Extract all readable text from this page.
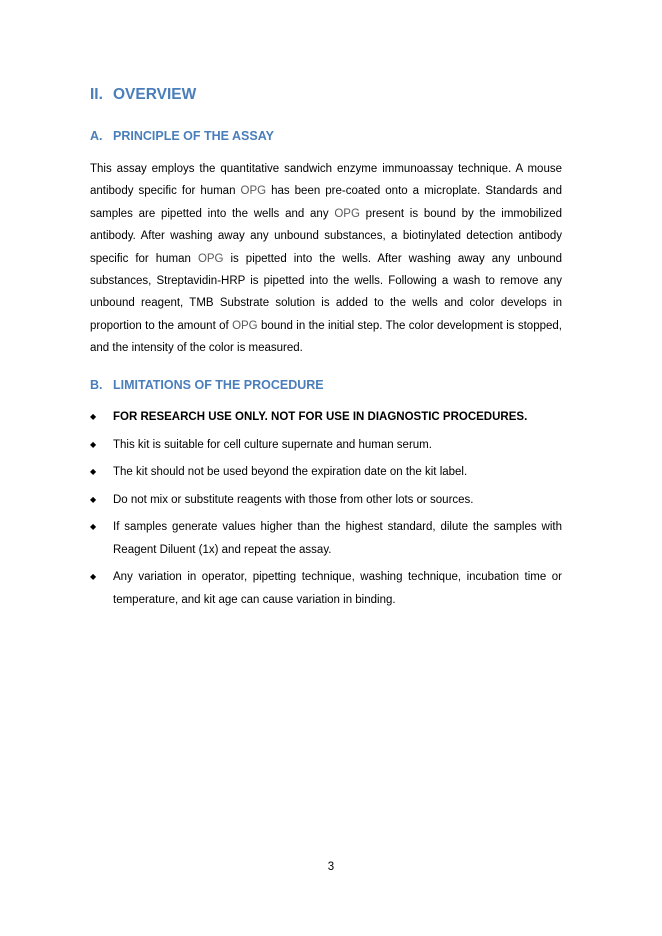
II. OVERVIEW
A. PRINCIPLE OF THE ASSAY

This assay employs the quantitative sandwich enzyme immunoassay technique. A mouse antibody specific for human OPG has been pre-coated onto a microplate. Standards and samples are pipetted into the wells and any OPG present is bound by the immobilized antibody. After washing away any unbound substances, a biotinylated detection antibody specific for human OPG is pipetted into the wells. After washing away any unbound substances, Streptavidin-HRP is pipetted into the wells. Following a wash to remove any unbound reagent, TMB Substrate solution is added to the wells and color develops in proportion to the amount of OPG bound in the initial step. The color development is stopped, and the intensity of the color is measured.

B. LIMITATIONS OF THE PROCEDURE
◆ FOR RESEARCH USE ONLY. NOT FOR USE IN DIAGNOSTIC PROCEDURES.
◆ This kit is suitable for cell culture supernate and human serum.
◆ The kit should not be used beyond the expiration date on the kit label.
◆ Do not mix or substitute reagents with those from other lots or sources.
◆ If samples generate values higher than the highest standard, dilute the samples with Reagent Diluent (1x) and repeat the assay.
◆ Any variation in operator, pipetting technique, washing technique, incubation time or temperature, and kit age can cause variation in binding.
3
